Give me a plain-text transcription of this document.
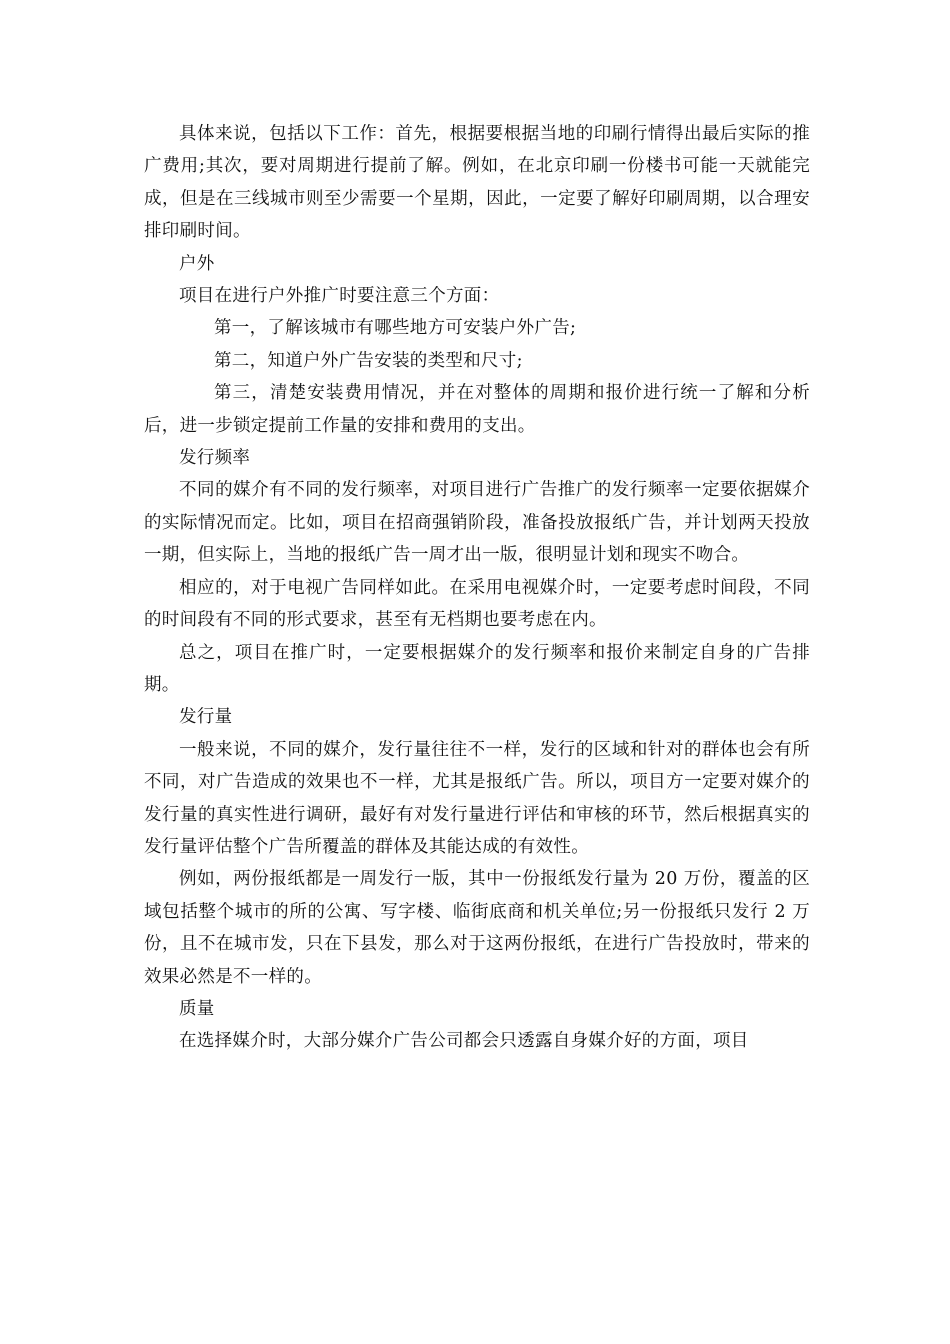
具体来说，包括以下工作：首先，根据要根据当地的印刷行情得出最后实际的推广费用;其次，要对周期进行提前了解。例如，在北京印刷一份楼书可能一天就能完成，但是在三线城市则至少需要一个星期，因此，一定要了解好印刷周期，以合理安排印刷时间。

户外

项目在进行户外推广时要注意三个方面：

第一，了解该城市有哪些地方可安装户外广告;

第二，知道户外广告安装的类型和尺寸;

第三，清楚安装费用情况，并在对整体的周期和报价进行统一了解和分析后，进一步锁定提前工作量的安排和费用的支出。

发行频率

不同的媒介有不同的发行频率，对项目进行广告推广的发行频率一定要依据媒介的实际情况而定。比如，项目在招商强销阶段，准备投放报纸广告，并计划两天投放一期，但实际上，当地的报纸广告一周才出一版，很明显计划和现实不吻合。

相应的，对于电视广告同样如此。在采用电视媒介时，一定要考虑时间段，不同的时间段有不同的形式要求，甚至有无档期也要考虑在内。

总之，项目在推广时，一定要根据媒介的发行频率和报价来制定自身的广告排期。

发行量

一般来说，不同的媒介，发行量往往不一样，发行的区域和针对的群体也会有所不同，对广告造成的效果也不一样，尤其是报纸广告。所以，项目方一定要对媒介的发行量的真实性进行调研，最好有对发行量进行评估和审核的环节，然后根据真实的发行量评估整个广告所覆盖的群体及其能达成的有效性。

例如，两份报纸都是一周发行一版，其中一份报纸发行量为 20 万份，覆盖的区域包括整个城市的所的公寓、写字楼、临街底商和机关单位;另一份报纸只发行 2 万份，且不在城市发，只在下县发，那么对于这两份报纸，在进行广告投放时，带来的效果必然是不一样的。

质量

在选择媒介时，大部分媒介广告公司都会只透露自身媒介好的方面，项目
